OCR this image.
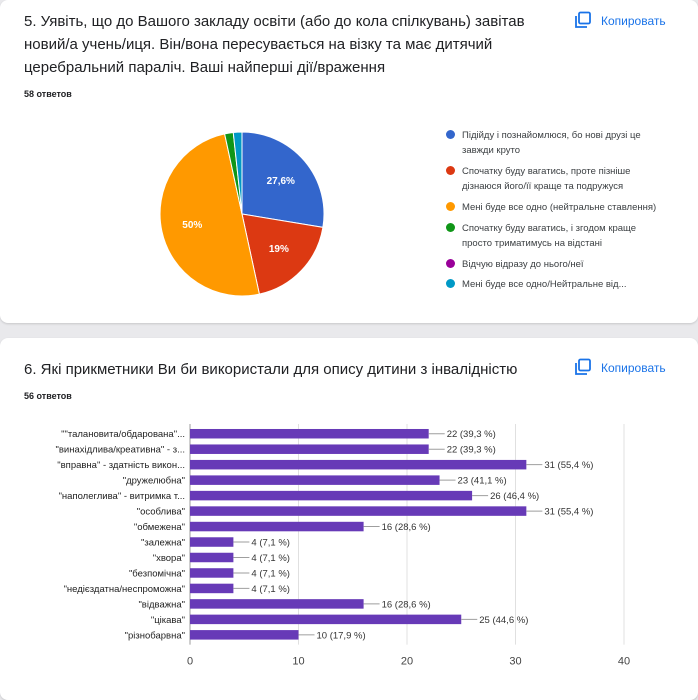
5. Уявіть, що до Вашого закладу освіти (або до кола спілкувань) завітав новий/а учень/иця. Він/вона пересувається на візку та має дитячий церебральний параліч. Ваші найперші дії/враження
58 ответов
Копировать
27,6%
19%
50%
Підійду і познайомлюся, бо нові друзі це завжди круто
Спочатку буду вагатись, проте пізніше дізнаюся його/її краще та подружуся
Мені буде все одно (нейтральне ставлення)
Спочатку буду вагатись, і згодом краще просто триматимусь на відстані
Відчую відразу до нього/неї
Мені буде все одно/Нейтральне від...
6. Які прикметники Ви би використали для опису дитини з інвалідністю
56 ответов
Копировать
0	10	20	30	40
""талановита/обдарована"...	22 (39,3 %)
"винахідлива/креативна" - з...	22 (39,3 %)
"вправна" - здатність викон...	31 (55,4 %)
"дружелюбна"	23 (41,1 %)
"наполеглива" - витримка т...	26 (46,4 %)
"особлива"	31 (55,4 %)
"обмежена"	16 (28,6 %)
"залежна"	4 (7,1 %)
"хвора"	4 (7,1 %)
"безпомічна"	4 (7,1 %)
"недієздатна/неспроможна"	4 (7,1 %)
"відважна"	16 (28,6 %)
"цікава"	25 (44,6 %)
"різнобарвна"	10 (17,9 %)
